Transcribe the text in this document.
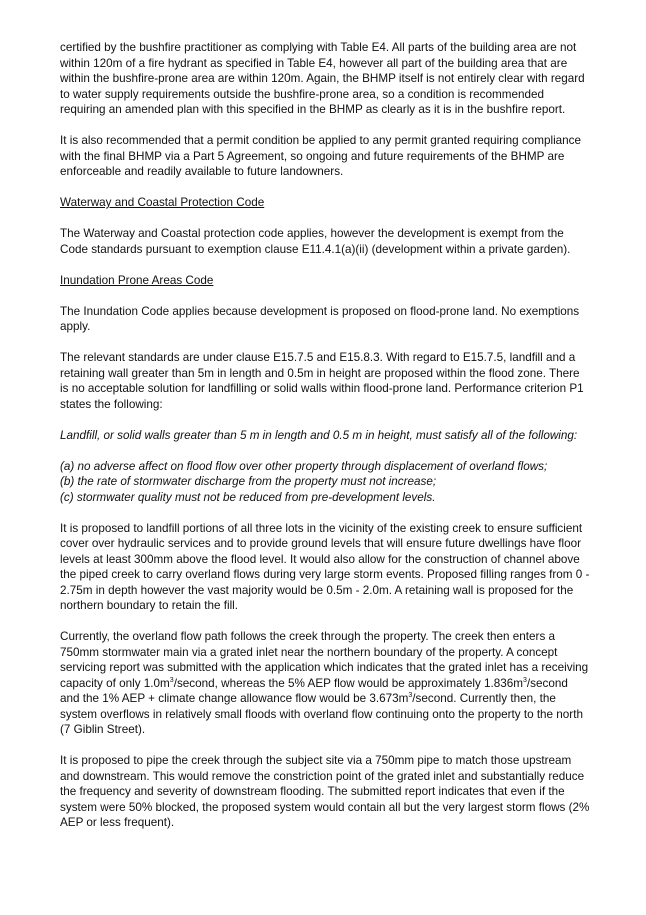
certified by the bushfire practitioner as complying with Table E4. All parts of the building area are not within 120m of a fire hydrant as specified in Table E4, however all part of the building area that are within the bushfire-prone area are within 120m. Again, the BHMP itself is not entirely clear with regard to water supply requirements outside the bushfire-prone area, so a condition is recommended requiring an amended plan with this specified in the BHMP as clearly as it is in the bushfire report.

It is also recommended that a permit condition be applied to any permit granted requiring compliance with the final BHMP via a Part 5 Agreement, so ongoing and future requirements of the BHMP are enforceable and readily available to future landowners.

Waterway and Coastal Protection Code

The Waterway and Coastal protection code applies, however the development is exempt from the Code standards pursuant to exemption clause E11.4.1(a)(ii) (development within a private garden).

Inundation Prone Areas Code

The Inundation Code applies because development is proposed on flood-prone land. No exemptions apply.

The relevant standards are under clause E15.7.5 and E15.8.3. With regard to E15.7.5, landfill and a retaining wall greater than 5m in length and 0.5m in height are proposed within the flood zone. There is no acceptable solution for landfilling or solid walls within flood-prone land. Performance criterion P1 states the following:

Landfill, or solid walls greater than 5 m in length and 0.5 m in height, must satisfy all of the following:

(a) no adverse affect on flood flow over other property through displacement of overland flows;
(b) the rate of stormwater discharge from the property must not increase;
(c) stormwater quality must not be reduced from pre-development levels.

It is proposed to landfill portions of all three lots in the vicinity of the existing creek to ensure sufficient cover over hydraulic services and to provide ground levels that will ensure future dwellings have floor levels at least 300mm above the flood level. It would also allow for the construction of channel above the piped creek to carry overland flows during very large storm events. Proposed filling ranges from 0 - 2.75m in depth however the vast majority would be 0.5m - 2.0m. A retaining wall is proposed for the northern boundary to retain the fill.

Currently, the overland flow path follows the creek through the property. The creek then enters a 750mm stormwater main via a grated inlet near the northern boundary of the property. A concept servicing report was submitted with the application which indicates that the grated inlet has a receiving capacity of only $1.0m^3$/second, whereas the 5% AEP flow would be approximately $1.836m^3$/second and the 1% AEP + climate change allowance flow would be $3.673m^3$/second. Currently then, the system overflows in relatively small floods with overland flow continuing onto the property to the north (7 Giblin Street).

It is proposed to pipe the creek through the subject site via a 750mm pipe to match those upstream and downstream. This would remove the constriction point of the grated inlet and substantially reduce the frequency and severity of downstream flooding. The submitted report indicates that even if the system were 50% blocked, the proposed system would contain all but the very largest storm flows (2% AEP or less frequent).
